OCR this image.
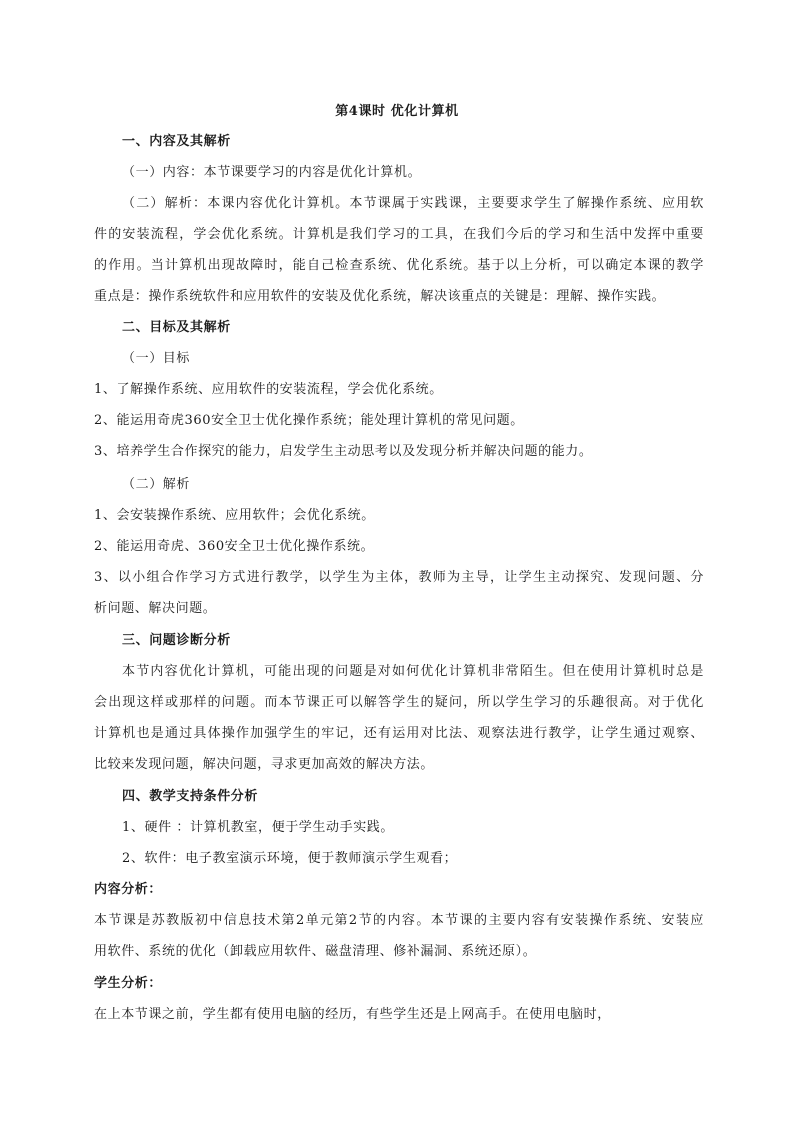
第4课时 优化计算机
一、内容及其解析
（一）内容：本节课要学习的内容是优化计算机。
（二）解析：本课内容优化计算机。本节课属于实践课，主要要求学生了解操作系统、应用软
件的安装流程，学会优化系统。计算机是我们学习的工具，在我们今后的学习和生活中发挥中重要
的作用。当计算机出现故障时，能自己检查系统、优化系统。基于以上分析，可以确定本课的教学
重点是：操作系统软件和应用软件的安装及优化系统，解决该重点的关键是：理解、操作实践。
二、目标及其解析
（一）目标
1、了解操作系统、应用软件的安装流程，学会优化系统。
2、能运用奇虎360安全卫士优化操作系统；能处理计算机的常见问题。
3、培养学生合作探究的能力，启发学生主动思考以及发现分析并解决问题的能力。
（二）解析
1、会安装操作系统、应用软件；会优化系统。
2、能运用奇虎、360安全卫士优化操作系统。
3、以小组合作学习方式进行教学，以学生为主体，教师为主导，让学生主动探究、发现问题、分
析问题、解决问题。
三、问题诊断分析
本节内容优化计算机，可能出现的问题是对如何优化计算机非常陌生。但在使用计算机时总是
会出现这样或那样的问题。而本节课正可以解答学生的疑问，所以学生学习的乐趣很高。对于优化
计算机也是通过具体操作加强学生的牢记，还有运用对比法、观察法进行教学，让学生通过观察、
比较来发现问题，解决问题，寻求更加高效的解决方法。
四、教学支持条件分析
1、硬件 ：计算机教室，便于学生动手实践。
2、软件：电子教室演示环境，便于教师演示学生观看；
内容分析：
本节课是苏教版初中信息技术第2单元第2节的内容。本节课的主要内容有安装操作系统、安装应
用软件、系统的优化（卸载应用软件、磁盘清理、修补漏洞、系统还原）。
学生分析：
在上本节课之前，学生都有使用电脑的经历，有些学生还是上网高手。在使用电脑时，
